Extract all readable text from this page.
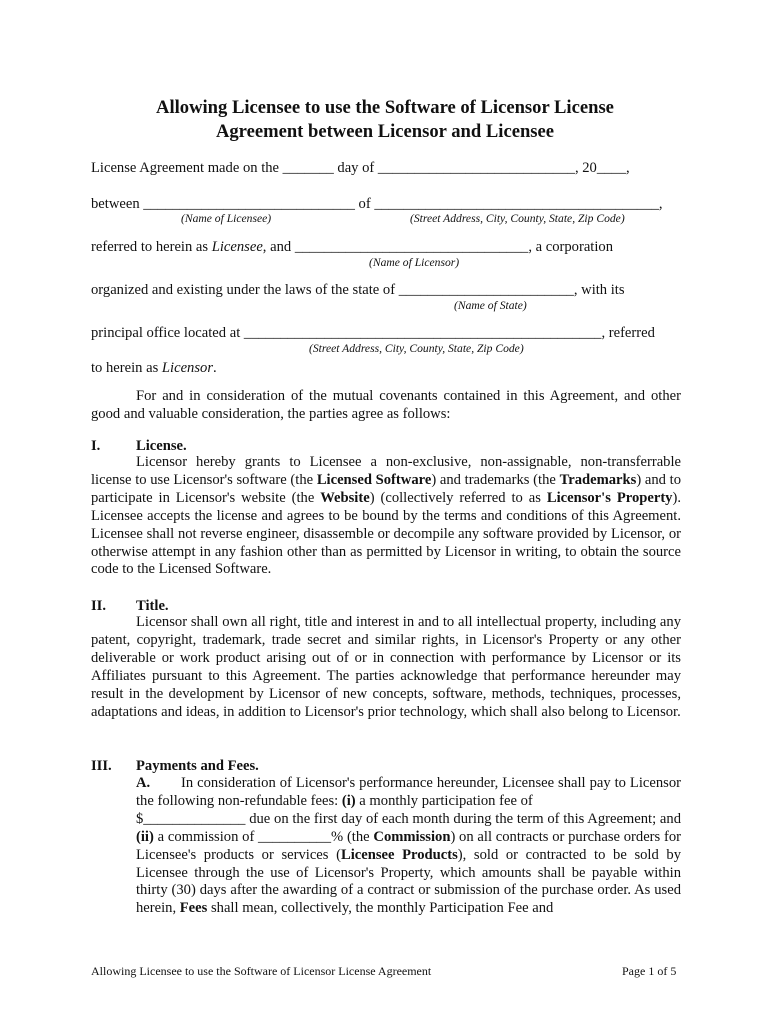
Allowing Licensee to use the Software of Licensor License
Agreement between Licensor and Licensee
License Agreement made on the _______ day of ___________________________, 20____,
between _____________________________ of _______________________________________,
(Name of Licensee)	(Street Address, City, County, State, Zip Code)
referred to herein as Licensee, and ________________________________, a corporation
(Name of Licensor)
organized and existing under the laws of the state of ________________________, with its
(Name of State)
principal office located at _________________________________________________, referred
(Street Address, City, County, State, Zip Code)
to herein as Licensor.
For and in consideration of the mutual covenants contained in this Agreement, and other good and valuable consideration, the parties agree as follows:
I. License.

Licensor hereby grants to Licensee a non-exclusive, non-assignable, non-transferrable license to use Licensor's software (the Licensed Software) and trademarks (the Trademarks) and to participate in Licensor's website (the Website) (collectively referred to as Licensor's Property). Licensee accepts the license and agrees to be bound by the terms and conditions of this Agreement. Licensee shall not reverse engineer, disassemble or decompile any software provided by Licensor, or otherwise attempt in any fashion other than as permitted by Licensor in writing, to obtain the source code to the Licensed Software.

II. Title.

Licensor shall own all right, title and interest in and to all intellectual property, including any patent, copyright, trademark, trade secret and similar rights, in Licensor's Property or any other deliverable or work product arising out of or in connection with performance by Licensor or its Affiliates pursuant to this Agreement. The parties acknowledge that performance hereunder may result in the development by Licensor of new concepts, software, methods, techniques, processes, adaptations and ideas, in addition to Licensor's prior technology, which shall also belong to Licensor.

III. Payments and Fees.

A. In consideration of Licensor's performance hereunder, Licensee shall pay to Licensor the following non-refundable fees: (i) a monthly participation fee of

$______________ due on the first day of each month during the term of this Agreement; and (ii) a commission of __________% (the Commission) on all contracts or purchase orders for Licensee's products or services (Licensee Products), sold or contracted to be sold by Licensee through the use of Licensor's Property, which amounts shall be payable within thirty (30) days after the awarding of a contract or submission of the purchase order. As used herein, Fees shall mean, collectively, the monthly Participation Fee and

Allowing Licensee to use the Software of Licensor License Agreement	Page 1 of 5
